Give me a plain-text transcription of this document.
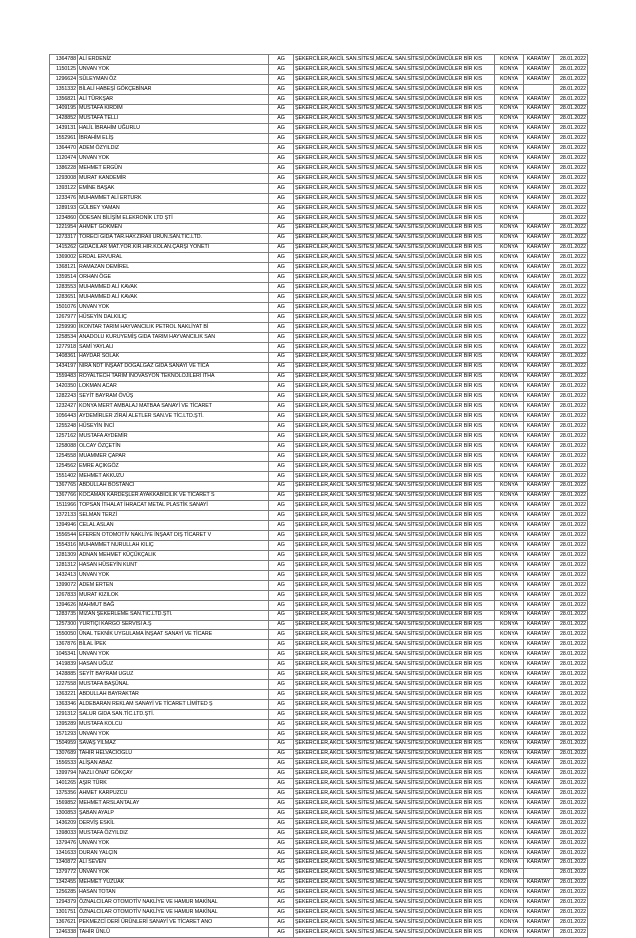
1364788	ALİ ERDENİZ	AG	ŞEKERCİLER,AKCİL SAN.SİTESİ,MECAL SAN.SİTESİ,DÖKÜMCÜLER BİR KIS	KONYA	KARATAY	28.01.2022
1150125	UNVAN YOK	AG	ŞEKERCİLER,AKCİL SAN.SİTESİ,MECAL SAN.SİTESİ,DÖKÜMCÜLER BİR KIS	KONYA	KARATAY	28.01.2022
1296624	SÜLEYMAN ÖZ	AG	ŞEKERCİLER,AKCİL SAN.SİTESİ,MECAL SAN.SİTESİ,DÖKÜMCÜLER BİR KIS	KONYA	KARATAY	28.01.2022
1351332	BİLALİ HABEŞİ GÖKÇEBİNAR	AG	ŞEKERCİLER,AKCİL SAN.SİTESİ,MECAL SAN.SİTESİ,DÖKÜMCÜLER BİR KIS	KONYA		28.01.2022
1356821	ALİ TÜRKŞAR	AG	ŞEKERCİLER,AKCİL SAN.SİTESİ,MECAL SAN.SİTESİ,DÖKÜMCÜLER BİR KIS	KONYA	KARATAY	28.01.2022
1409195	MUSTAFA KIRDIM	AG	ŞEKERCİLER,AKCİL SAN.SİTESİ,MECAL SAN.SİTESİ,DÖKÜMCÜLER BİR KIS	KONYA	KARATAY	28.01.2022
1428852	MUSTAFA TELLİ	AG	ŞEKERCİLER,AKCİL SAN.SİTESİ,MECAL SAN.SİTESİ,DÖKÜMCÜLER BİR KIS	KONYA	KARATAY	28.01.2022
1439131	HALİL İBRAHİM UĞURLU	AG	ŞEKERCİLER,AKCİL SAN.SİTESİ,MECAL SAN.SİTESİ,DÖKÜMCÜLER BİR KIS	KONYA	KARATAY	28.01.2022
1552961	İBRAHİM ELİŞ	AG	ŞEKERCİLER,AKCİL SAN.SİTESİ,MECAL SAN.SİTESİ,DÖKÜMCÜLER BİR KIS	KONYA	KARATAY	28.01.2022
1364470	ADEM ÖZYILDIZ	AG	ŞEKERCİLER,AKCİL SAN.SİTESİ,MECAL SAN.SİTESİ,DÖKÜMCÜLER BİR KIS	KONYA	KARATAY	28.01.2022
1120474	UNVAN YOK	AG	ŞEKERCİLER,AKCİL SAN.SİTESİ,MECAL SAN.SİTESİ,DÖKÜMCÜLER BİR KIS	KONYA	KARATAY	28.01.2022
1386228	MEHMET ERGÜN	AG	ŞEKERCİLER,AKCİL SAN.SİTESİ,MECAL SAN.SİTESİ,DÖKÜMCÜLER BİR KIS	KONYA	KARATAY	28.01.2022
1293008	MURAT KANDEMİR	AG	ŞEKERCİLER,AKCİL SAN.SİTESİ,MECAL SAN.SİTESİ,DÖKÜMCÜLER BİR KIS	KONYA	KARATAY	28.01.2022
1393122	EMİNE BAŞAK	AG	ŞEKERCİLER,AKCİL SAN.SİTESİ,MECAL SAN.SİTESİ,DÖKÜMCÜLER BİR KIS	KONYA	KARATAY	28.01.2022
1233476	MUHAMMET ALİ ERTURK	AG	ŞEKERCİLER,AKCİL SAN.SİTESİ,MECAL SAN.SİTESİ,DÖKÜMCÜLER BİR KIS	KONYA	KARATAY	28.01.2022
1289193	GÜLBEY YAMAN	AG	ŞEKERCİLER,AKCİL SAN.SİTESİ,MECAL SAN.SİTESİ,DÖKÜMCÜLER BİR KIS	KONYA	KARATAY	28.01.2022
1234860	ÖDESAN BİLİŞİM ELEKRONİK LTD ŞTİ	AG	ŞEKERCİLER,AKCİL SAN.SİTESİ,MECAL SAN.SİTESİ,DÖKÜMCÜLER BİR KIS	KONYA		28.01.2022
1221954	AHMET GÖKMEN	AG	ŞEKERCİLER,AKCİL SAN.SİTESİ,MECAL SAN.SİTESİ,DÖKÜMCÜLER BİR KIS	KONYA	KARATAY	28.01.2022
1273317	TÖRECİ GIDA TAR.HAY.ZİRAİİ ÜRÜN.SAN.TİC.LTD.	AG	ŞEKERCİLER,AKCİL SAN.SİTESİ,MECAL SAN.SİTESİ,DÖKÜMCÜLER BİR KIS	KONYA	KARATAY	28.01.2022
1415262	GIDACILAR MAT.YOR.KIR.HIR.KOLAN.ÇARŞI YÖNETİ	AG	ŞEKERCİLER,AKCİL SAN.SİTESİ,MECAL SAN.SİTESİ,DÖKÜMCÜLER BİR KIS	KONYA	KARATAY	28.01.2022
1369002	ERDAL ERVURAL	AG	ŞEKERCİLER,AKCİL SAN.SİTESİ,MECAL SAN.SİTESİ,DÖKÜMCÜLER BİR KIS	KONYA	KARATAY	28.01.2022
1368121	RAMAZAN DEMİREL	AG	ŞEKERCİLER,AKCİL SAN.SİTESİ,MECAL SAN.SİTESİ,DÖKÜMCÜLER BİR KIS	KONYA	KARATAY	28.01.2022
1359514	ORHAN ÖGE	AG	ŞEKERCİLER,AKCİL SAN.SİTESİ,MECAL SAN.SİTESİ,DÖKÜMCÜLER BİR KIS	KONYA	KARATAY	28.01.2022
1283553	MUHAMMED ALİ KAVAK	AG	ŞEKERCİLER,AKCİL SAN.SİTESİ,MECAL SAN.SİTESİ,DÖKÜMCÜLER BİR KIS	KONYA	KARATAY	28.01.2022
1283651	MUHAMMED ALİ KAVAK	AG	ŞEKERCİLER,AKCİL SAN.SİTESİ,MECAL SAN.SİTESİ,DÖKÜMCÜLER BİR KIS	KONYA	KARATAY	28.01.2022
1501076	UNVAN YOK	AG	ŞEKERCİLER,AKCİL SAN.SİTESİ,MECAL SAN.SİTESİ,DÖKÜMCÜLER BİR KIS	KONYA	KARATAY	28.01.2022
1267977	HÜSEYİN DALKILIÇ	AG	ŞEKERCİLER,AKCİL SAN.SİTESİ,MECAL SAN.SİTESİ,DÖKÜMCÜLER BİR KIS	KONYA	KARATAY	28.01.2022
1259990	İKONTAR TARIM HAYVANCILIK PETROL NAKLİYAT Bİ	AG	ŞEKERCİLER,AKCİL SAN.SİTESİ,MECAL SAN.SİTESİ,DÖKÜMCÜLER BİR KIS	KONYA	KARATAY	28.01.2022
1258534	ANADOLU KURUYEMİŞ GIDA TARIM HAYVANCILIK SAN	AG	ŞEKERCİLER,AKCİL SAN.SİTESİ,MECAL SAN.SİTESİ,DÖKÜMCÜLER BİR KIS	KONYA	KARATAY	28.01.2022
1277918	SAMİ YAYLALI	AG	ŞEKERCİLER,AKCİL SAN.SİTESİ,MECAL SAN.SİTESİ,DÖKÜMCÜLER BİR KIS	KONYA	KARATAY	28.01.2022
1408361	HAYDAR SOLAK	AG	ŞEKERCİLER,AKCİL SAN.SİTESİ,MECAL SAN.SİTESİ,DÖKÜMCÜLER BİR KIS	KONYA	KARATAY	28.01.2022
1434197	NİRA NDT İNŞAAT DOĞALGAZ GIDA SANAYİ VE TİCA	AG	ŞEKERCİLER,AKCİL SAN.SİTESİ,MECAL SAN.SİTESİ,DÖKÜMCÜLER BİR KIS	KONYA	KARATAY	28.01.2022
1559483	ROYALTECH TARIM İNOVASYON TEKNOLOJİLERİ İTHA	AG	ŞEKERCİLER,AKCİL SAN.SİTESİ,MECAL SAN.SİTESİ,DÖKÜMCÜLER BİR KIS	KONYA	KARATAY	28.01.2022
1420350	LOKMAN ACAR	AG	ŞEKERCİLER,AKCİL SAN.SİTESİ,MECAL SAN.SİTESİ,DÖKÜMCÜLER BİR KIS	KONYA	KARATAY	28.01.2022
1282243	SEYİT BAYRAM ÖVÜŞ	AG	ŞEKERCİLER,AKCİL SAN.SİTESİ,MECAL SAN.SİTESİ,DÖKÜMCÜLER BİR KIS	KONYA	KARATAY	28.01.2022
1232427	KONYA MERT AMBALAJ MATBAA SANAYİ VE TİCARET	AG	ŞEKERCİLER,AKCİL SAN.SİTESİ,MECAL SAN.SİTESİ,DÖKÜMCÜLER BİR KIS	KONYA	KARATAY	28.01.2022
1056443	AYDEMİRLER ZİRAİ ALETLER SAN.VE TİC.LTD.ŞTİ.	AG	ŞEKERCİLER,AKCİL SAN.SİTESİ,MECAL SAN.SİTESİ,DÖKÜMCÜLER BİR KIS	KONYA	KARATAY	28.01.2022
1255248	HÜSEYİN İNCİ	AG	ŞEKERCİLER,AKCİL SAN.SİTESİ,MECAL SAN.SİTESİ,DÖKÜMCÜLER BİR KIS	KONYA	KARATAY	28.01.2022
1257162	MUSTAFA AYDEMİR	AG	ŞEKERCİLER,AKCİL SAN.SİTESİ,MECAL SAN.SİTESİ,DÖKÜMCÜLER BİR KIS	KONYA	KARATAY	28.01.2022
1258088	OLCAY ÖZÇETİN	AG	ŞEKERCİLER,AKCİL SAN.SİTESİ,MECAL SAN.SİTESİ,DÖKÜMCÜLER BİR KIS	KONYA	KARATAY	28.01.2022
1254558	MUAMMER ÇAPAR	AG	ŞEKERCİLER,AKCİL SAN.SİTESİ,MECAL SAN.SİTESİ,DÖKÜMCÜLER BİR KIS	KONYA	KARATAY	28.01.2022
1254562	EMRE AÇIKGÖZ	AG	ŞEKERCİLER,AKCİL SAN.SİTESİ,MECAL SAN.SİTESİ,DÖKÜMCÜLER BİR KIS	KONYA	KARATAY	28.01.2022
1551402	MEHMET AKKUZU	AG	ŞEKERCİLER,AKCİL SAN.SİTESİ,MECAL SAN.SİTESİ,DÖKÜMCÜLER BİR KIS	KONYA	KARATAY	28.01.2022
1367765	ABDULLAH BOSTANCI	AG	ŞEKERCİLER,AKCİL SAN.SİTESİ,MECAL SAN.SİTESİ,DÖKÜMCÜLER BİR KIS	KONYA	KARATAY	28.01.2022
1367766	KOCAMAN KARDEŞLER AYAKKABICILIK VE TİCARET S	AG	ŞEKERCİLER,AKCİL SAN.SİTESİ,MECAL SAN.SİTESİ,DÖKÜMCÜLER BİR KIS	KONYA	KARATAY	28.01.2022
1511966	TOPSAN İTHALAT İHRACAT METAL PLASTİK SANAYİ	AG	ŞEKERCİLER,AKCİL SAN.SİTESİ,MECAL SAN.SİTESİ,DÖKÜMCÜLER BİR KIS	KONYA	KARATAY	28.01.2022
1372133	SELMAN TERZİ	AG	ŞEKERCİLER,AKCİL SAN.SİTESİ,MECAL SAN.SİTESİ,DÖKÜMCÜLER BİR KIS	KONYA	KARATAY	28.01.2022
1394946	CELAL ASLAN	AG	ŞEKERCİLER,AKCİL SAN.SİTESİ,MECAL SAN.SİTESİ,DÖKÜMCÜLER BİR KIS	KONYA	KARATAY	28.01.2022
1556544	EFEREN OTOMOTİV NAKLİYE İNŞAAT DIŞ TİCARET V	AG	ŞEKERCİLER,AKCİL SAN.SİTESİ,MECAL SAN.SİTESİ,DÖKÜMCÜLER BİR KIS	KONYA	KARATAY	28.01.2022
1554316	MUHAMMET NURULLAH KILIÇ	AG	ŞEKERCİLER,AKCİL SAN.SİTESİ,MECAL SAN.SİTESİ,DÖKÜMCÜLER BİR KIS	KONYA	KARATAY	28.01.2022
1281309	ADNAN MEHMET KÜÇÜKÇALIK	AG	ŞEKERCİLER,AKCİL SAN.SİTESİ,MECAL SAN.SİTESİ,DÖKÜMCÜLER BİR KIS	KONYA	KARATAY	28.01.2022
1281312	HASAN HÜSEYİN KUNT	AG	ŞEKERCİLER,AKCİL SAN.SİTESİ,MECAL SAN.SİTESİ,DÖKÜMCÜLER BİR KIS	KONYA	KARATAY	28.01.2022
1432413	UNVAN YOK	AG	ŞEKERCİLER,AKCİL SAN.SİTESİ,MECAL SAN.SİTESİ,DÖKÜMCÜLER BİR KIS	KONYA	KARATAY	28.01.2022
1399072	ADEM ERTEN	AG	ŞEKERCİLER,AKCİL SAN.SİTESİ,MECAL SAN.SİTESİ,DÖKÜMCÜLER BİR KIS	KONYA	KARATAY	28.01.2022
1267833	MURAT KIZILOK	AG	ŞEKERCİLER,AKCİL SAN.SİTESİ,MECAL SAN.SİTESİ,DÖKÜMCÜLER BİR KIS	KONYA	KARATAY	28.01.2022
1394626	MAHMUT BAĞ	AG	ŞEKERCİLER,AKCİL SAN.SİTESİ,MECAL SAN.SİTESİ,DÖKÜMCÜLER BİR KIS	KONYA	KARATAY	28.01.2022
1283735	MİZAN ŞEKERLEME SAN.TİC.LTD.ŞTİ.	AG	ŞEKERCİLER,AKCİL SAN.SİTESİ,MECAL SAN.SİTESİ,DÖKÜMCÜLER BİR KIS	KONYA	KARATAY	28.01.2022
1257300	YURTİÇİ KARGO SERVİSİ A.Ş	AG	ŞEKERCİLER,AKCİL SAN.SİTESİ,MECAL SAN.SİTESİ,DÖKÜMCÜLER BİR KIS	KONYA	KARATAY	28.01.2022
1550050	ÜNAL TEKNİK UYGULAMA İNŞAAT SANAYİ VE TİCARE	AG	ŞEKERCİLER,AKCİL SAN.SİTESİ,MECAL SAN.SİTESİ,DÖKÜMCÜLER BİR KIS	KONYA	KARATAY	28.01.2022
1367876	BİLAL İPEK	AG	ŞEKERCİLER,AKCİL SAN.SİTESİ,MECAL SAN.SİTESİ,DÖKÜMCÜLER BİR KIS	KONYA	KARATAY	28.01.2022
1045341	UNVAN YOK	AG	ŞEKERCİLER,AKCİL SAN.SİTESİ,MECAL SAN.SİTESİ,DÖKÜMCÜLER BİR KIS	KONYA	KARATAY	28.01.2022
1419839	HASAN UĞUZ	AG	ŞEKERCİLER,AKCİL SAN.SİTESİ,MECAL SAN.SİTESİ,DÖKÜMCÜLER BİR KIS	KONYA	KARATAY	28.01.2022
1428885	SEYİT BAYRAM UGUZ	AG	ŞEKERCİLER,AKCİL SAN.SİTESİ,MECAL SAN.SİTESİ,DÖKÜMCÜLER BİR KIS	KONYA	KARATAY	28.01.2022
1227558	MUSTAFA BAŞÜNAL	AG	ŞEKERCİLER,AKCİL SAN.SİTESİ,MECAL SAN.SİTESİ,DÖKÜMCÜLER BİR KIS	KONYA	KARATAY	28.01.2022
1363221	ABDULLAH BAYRAKTAR	AG	ŞEKERCİLER,AKCİL SAN.SİTESİ,MECAL SAN.SİTESİ,DÖKÜMCÜLER BİR KIS	KONYA	KARATAY	28.01.2022
1363346	ALDEBARAN REKLAM SANAYİ VE TİCARET LİMİTED Ş	AG	ŞEKERCİLER,AKCİL SAN.SİTESİ,MECAL SAN.SİTESİ,DÖKÜMCÜLER BİR KIS	KONYA	KARATAY	28.01.2022
1291312	SALUR GIDA SAN.TİC.LTD.ŞTİ.	AG	ŞEKERCİLER,AKCİL SAN.SİTESİ,MECAL SAN.SİTESİ,DÖKÜMCÜLER BİR KIS	KONYA	KARATAY	28.01.2022
1395289	MUSTAFA KOLCU	AG	ŞEKERCİLER,AKCİL SAN.SİTESİ,MECAL SAN.SİTESİ,DÖKÜMCÜLER BİR KIS	KONYA	KARATAY	28.01.2022
1571293	UNVAN YOK	AG	ŞEKERCİLER,AKCİL SAN.SİTESİ,MECAL SAN.SİTESİ,DÖKÜMCÜLER BİR KIS	KONYA	KARATAY	28.01.2022
1504959	SAVAŞ YILMAZ	AG	ŞEKERCİLER,AKCİL SAN.SİTESİ,MECAL SAN.SİTESİ,DÖKÜMCÜLER BİR KIS	KONYA	KARATAY	28.01.2022
1307689	TAHİR HELVACIOĞLU	AG	ŞEKERCİLER,AKCİL SAN.SİTESİ,MECAL SAN.SİTESİ,DÖKÜMCÜLER BİR KIS	KONYA	KARATAY	28.01.2022
1556533	ALİŞAN ABAZ	AG	ŞEKERCİLER,AKCİL SAN.SİTESİ,MECAL SAN.SİTESİ,DÖKÜMCÜLER BİR KIS	KONYA	KARATAY	28.01.2022
1399794	NAZLI ÖNAT GÖKÇAY	AG	ŞEKERCİLER,AKCİL SAN.SİTESİ,MECAL SAN.SİTESİ,DÖKÜMCÜLER BİR KIS	KONYA	KARATAY	28.01.2022
1401265	AŞIR TÜRK	AG	ŞEKERCİLER,AKCİL SAN.SİTESİ,MECAL SAN.SİTESİ,DÖKÜMCÜLER BİR KIS	KONYA	KARATAY	28.01.2022
1375356	AHMET KARPUZCU	AG	ŞEKERCİLER,AKCİL SAN.SİTESİ,MECAL SAN.SİTESİ,DÖKÜMCÜLER BİR KIS	KONYA	KARATAY	28.01.2022
1569852	MEHMET ARSLANTALAY	AG	ŞEKERCİLER,AKCİL SAN.SİTESİ,MECAL SAN.SİTESİ,DÖKÜMCÜLER BİR KIS	KONYA	KARATAY	28.01.2022
1300853	ŞABAN AYALP	AG	ŞEKERCİLER,AKCİL SAN.SİTESİ,MECAL SAN.SİTESİ,DÖKÜMCÜLER BİR KIS	KONYA	KARATAY	28.01.2022
1436209	DERVİŞ ESKİL	AG	ŞEKERCİLER,AKCİL SAN.SİTESİ,MECAL SAN.SİTESİ,DÖKÜMCÜLER BİR KIS	KONYA	KARATAY	28.01.2022
1398033	MUSTAFA ÖZYILDIZ	AG	ŞEKERCİLER,AKCİL SAN.SİTESİ,MECAL SAN.SİTESİ,DÖKÜMCÜLER BİR KIS	KONYA	KARATAY	28.01.2022
1379476	UNVAN YOK	AG	ŞEKERCİLER,AKCİL SAN.SİTESİ,MECAL SAN.SİTESİ,DÖKÜMCÜLER BİR KIS	KONYA	KARATAY	28.01.2022
1341633	DURAN YALÇIN	AG	ŞEKERCİLER,AKCİL SAN.SİTESİ,MECAL SAN.SİTESİ,DÖKÜMCÜLER BİR KIS	KONYA	KARATAY	28.01.2022
1340872	ALİ SEVEN	AG	ŞEKERCİLER,AKCİL SAN.SİTESİ,MECAL SAN.SİTESİ,DÖKÜMCÜLER BİR KIS	KONYA	KARATAY	28.01.2022
1379772	UNVAN YOK	AG	ŞEKERCİLER,AKCİL SAN.SİTESİ,MECAL SAN.SİTESİ,DÖKÜMCÜLER BİR KIS	KONYA		28.01.2022
1342455	MEHMET YÜZÜAK	AG	ŞEKERCİLER,AKCİL SAN.SİTESİ,MECAL SAN.SİTESİ,DÖKÜMCÜLER BİR KIS	KONYA	KARATAY	28.01.2022
1256285	HASAN TOTAN	AG	ŞEKERCİLER,AKCİL SAN.SİTESİ,MECAL SAN.SİTESİ,DÖKÜMCÜLER BİR KIS	KONYA	KARATAY	28.01.2022
1294379	ÖZNALCILAR OTOMOTİV NAKLİYE VE HAMUR MAKİNAL	AG	ŞEKERCİLER,AKCİL SAN.SİTESİ,MECAL SAN.SİTESİ,DÖKÜMCÜLER BİR KIS	KONYA	KARATAY	28.01.2022
1301751	ÖZNALCILAR OTOMOTİV NAKLİYE VE HAMUR MAKİNAL	AG	ŞEKERCİLER,AKCİL SAN.SİTESİ,MECAL SAN.SİTESİ,DÖKÜMCÜLER BİR KIS	KONYA	KARATAY	28.01.2022
1367621	PEKMEZCİ DERİ ÜRÜNLERİ SANAYİ VE TİCARET ANO	AG	ŞEKERCİLER,AKCİL SAN.SİTESİ,MECAL SAN.SİTESİ,DÖKÜMCÜLER BİR KIS	KONYA	KARATAY	28.01.2022
1246338	TAHİR ÜNLÜ	AG	ŞEKERCİLER,AKCİL SAN.SİTESİ,MECAL SAN.SİTESİ,DÖKÜMCÜLER BİR KIS	KONYA	KARATAY	28.01.2022
